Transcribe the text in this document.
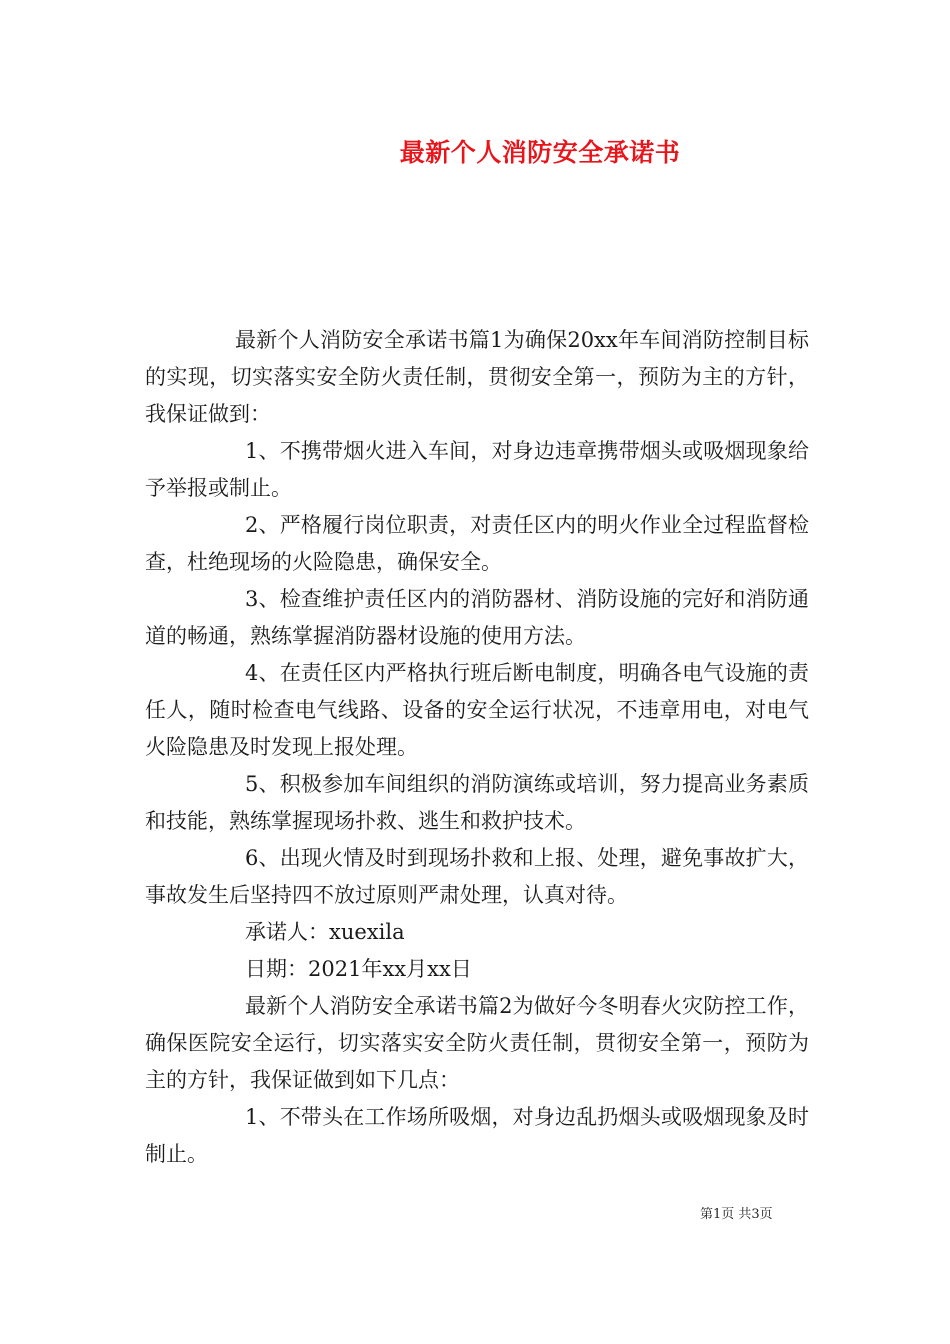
最新个人消防安全承诺书

最新个人消防安全承诺书篇1为确保20xx年车间消防控制目标的实现，切实落实安全防火责任制，贯彻安全第一，预防为主的方针，我保证做到：

1、不携带烟火进入车间，对身边违章携带烟头或吸烟现象给予举报或制止。

2、严格履行岗位职责，对责任区内的明火作业全过程监督检查，杜绝现场的火险隐患，确保安全。

3、检查维护责任区内的消防器材、消防设施的完好和消防通道的畅通，熟练掌握消防器材设施的使用方法。

4、在责任区内严格执行班后断电制度，明确各电气设施的责任人，随时检查电气线路、设备的安全运行状况，不违章用电，对电气火险隐患及时发现上报处理。

5、积极参加车间组织的消防演练或培训，努力提高业务素质和技能，熟练掌握现场扑救、逃生和救护技术。

6、出现火情及时到现场扑救和上报、处理，避免事故扩大，事故发生后坚持四不放过原则严肃处理，认真对待。

承诺人：xuexila

日期：2021年xx月xx日

最新个人消防安全承诺书篇2为做好今冬明春火灾防控工作，确保医院安全运行，切实落实安全防火责任制，贯彻安全第一，预防为主的方针，我保证做到如下几点：

1、不带头在工作场所吸烟，对身边乱扔烟头或吸烟现象及时制止。

第1页 共3页
